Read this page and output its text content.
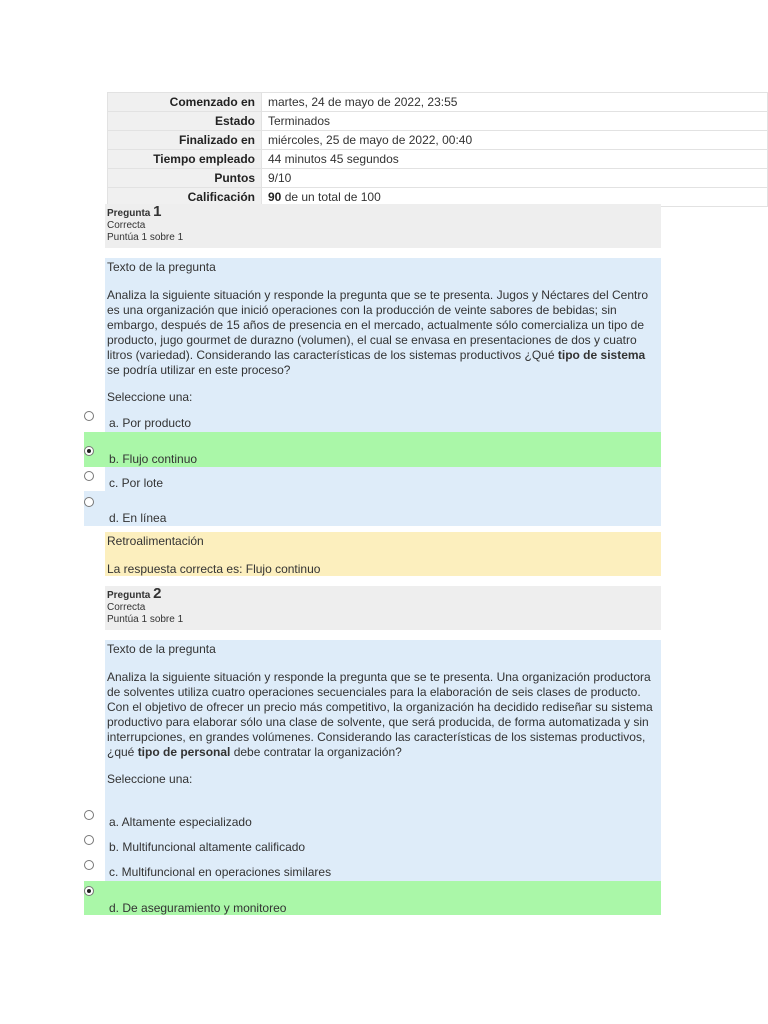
Comenzado en	martes, 24 de mayo de 2022, 23:55
Estado	Terminados
Finalizado en	miércoles, 25 de mayo de 2022, 00:40
Tiempo empleado	44 minutos 45 segundos
Puntos	9/10
Calificación	90 de un total de 100
Pregunta 1
Correcta
Puntúa 1 sobre 1

Texto de la pregunta

Analiza la siguiente situación y responde la pregunta que se te presenta. Jugos y Néctares del Centro es una organización que inició operaciones con la producción de veinte sabores de bebidas; sin embargo, después de 15 años de presencia en el mercado, actualmente sólo comercializa un tipo de producto, jugo gourmet de durazno (volumen), el cual se envasa en presentaciones de dos y cuatro litros (variedad). Considerando las características de los sistemas productivos ¿Qué tipo de sistema se podría utilizar en este proceso?

Seleccione una:

a. Por producto
b. Flujo continuo
c. Por lote
d. En línea

Retroalimentación

La respuesta correcta es: Flujo continuo

Pregunta 2
Correcta
Puntúa 1 sobre 1

Texto de la pregunta

Analiza la siguiente situación y responde la pregunta que se te presenta. Una organización productora de solventes utiliza cuatro operaciones secuenciales para la elaboración de seis clases de producto. Con el objetivo de ofrecer un precio más competitivo, la organización ha decidido rediseñar su sistema productivo para elaborar sólo una clase de solvente, que será producida, de forma automatizada y sin interrupciones, en grandes volúmenes. Considerando las características de los sistemas productivos, ¿qué tipo de personal debe contratar la organización?

Seleccione una:

a. Altamente especializado
b. Multifuncional altamente calificado
c. Multifuncional en operaciones similares
d. De aseguramiento y monitoreo
